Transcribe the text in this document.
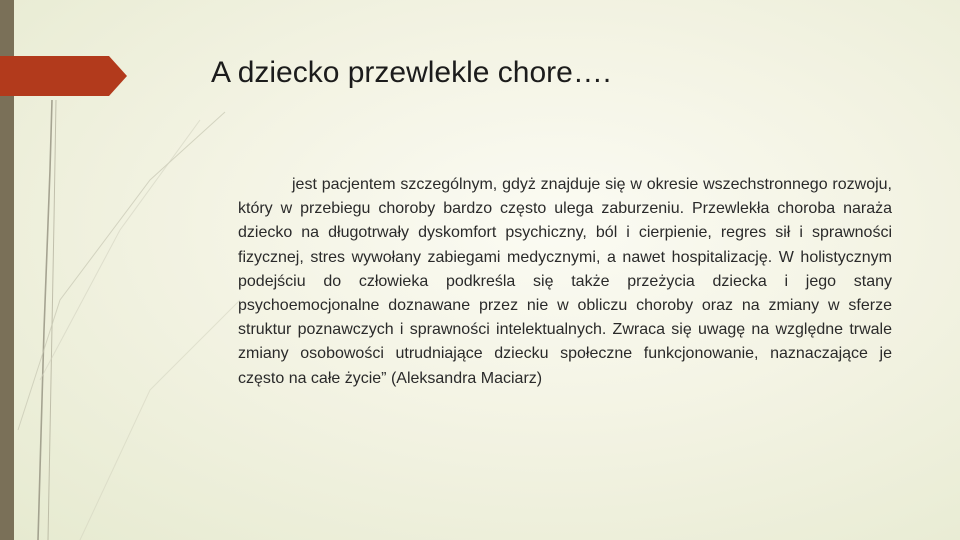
A dziecko przewlekle chore….

jest pacjentem szczególnym, gdyż znajduje się w okresie wszechstronnego rozwoju, który w przebiegu choroby bardzo często ulega zaburzeniu. Przewlekła choroba naraża dziecko na długotrwały dyskomfort psychiczny, ból i cierpienie, regres sił i sprawności fizycznej, stres wywołany zabiegami medycznymi, a nawet hospitalizację. W holistycznym podejściu do człowieka podkreśla się także przeżycia dziecka i jego stany psychoemocjonalne doznawane przez nie w obliczu choroby oraz na zmiany w sferze struktur poznawczych i sprawności intelektualnych. Zwraca się uwagę na względne trwale zmiany osobowości utrudniające dziecku społeczne funkcjonowanie, naznaczające je często na całe życie” (Aleksandra Maciarz)
